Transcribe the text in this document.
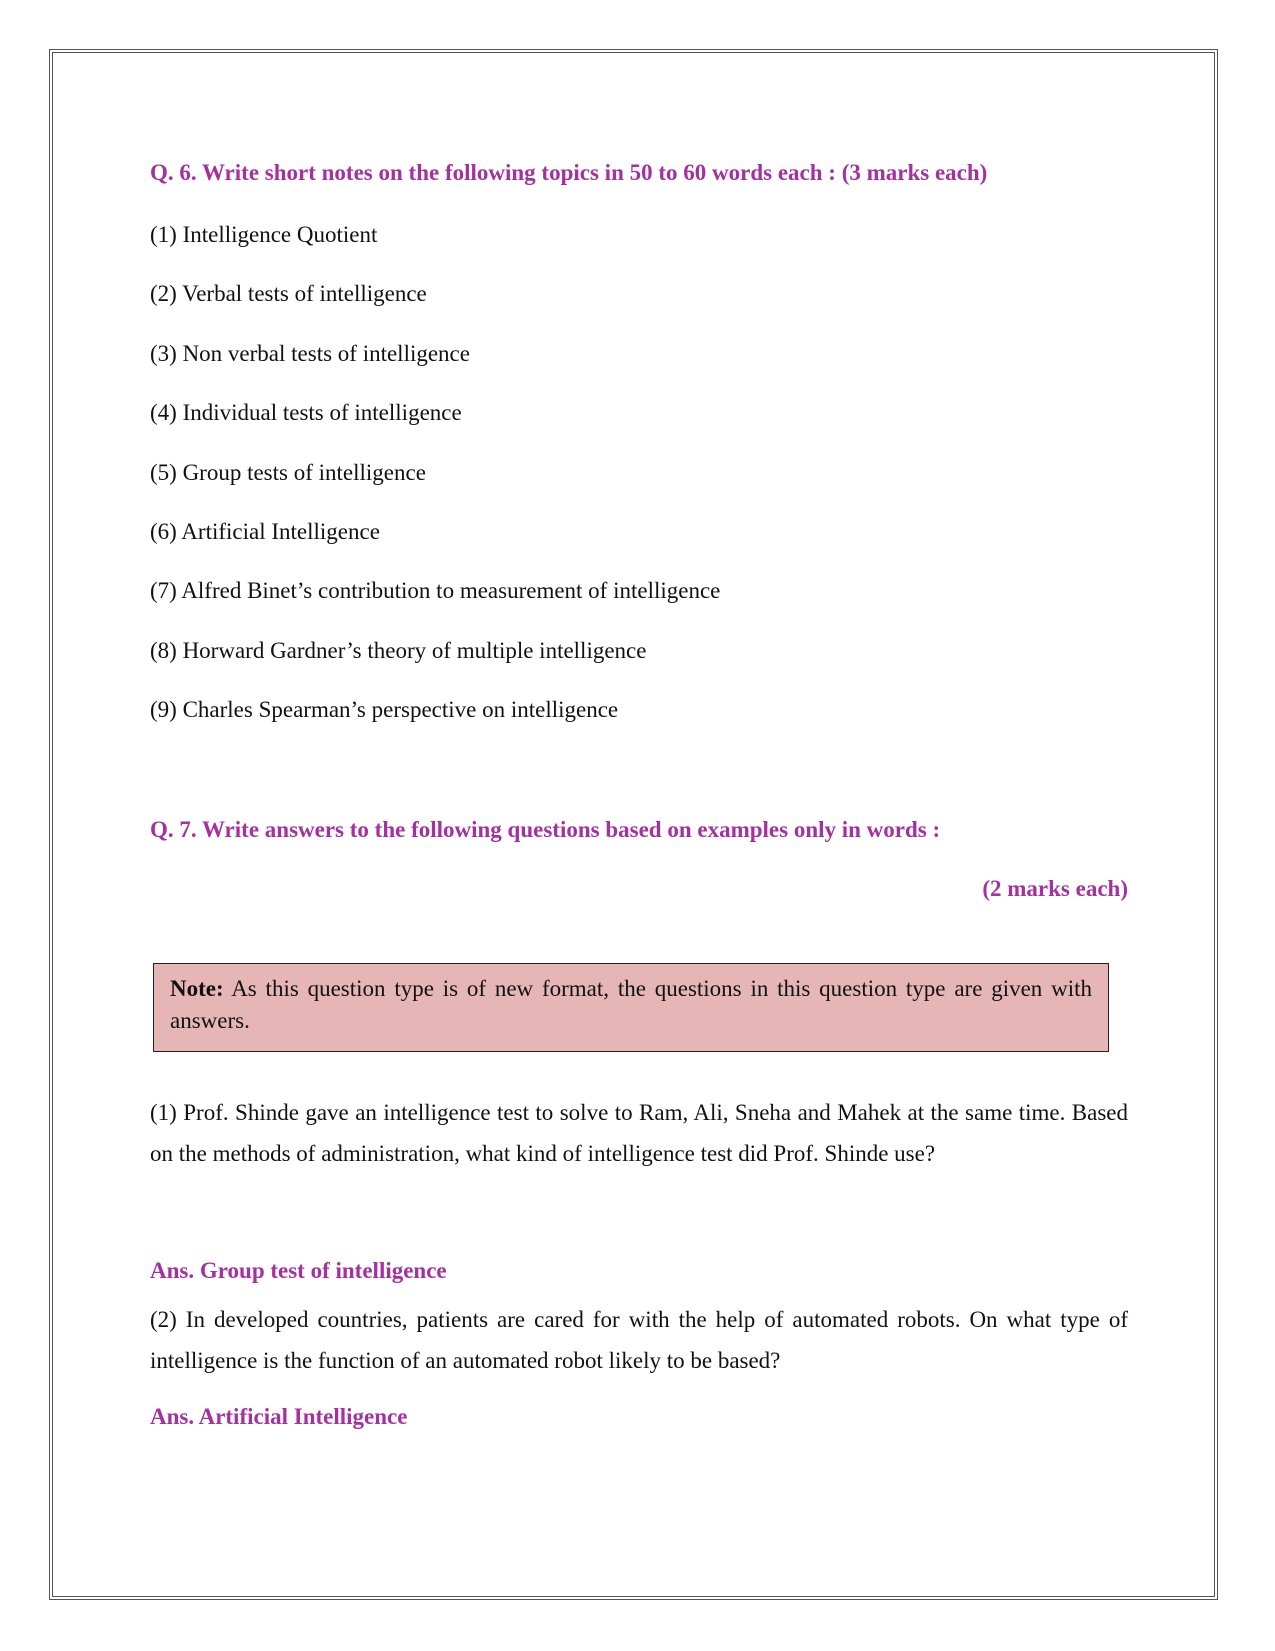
Q. 6. Write short notes on the following topics in 50 to 60 words each : (3 marks each)
(1) Intelligence Quotient
(2) Verbal tests of intelligence
(3) Non verbal tests of intelligence
(4) Individual tests of intelligence
(5) Group tests of intelligence
(6) Artificial Intelligence
(7) Alfred Binet’s contribution to measurement of intelligence
(8) Horward Gardner’s theory of multiple intelligence
(9) Charles Spearman’s perspective on intelligence
Q. 7. Write answers to the following questions based on examples only in words :
(2 marks each)
Note: As this question type is of new format, the questions in this question type are given with answers.
(1) Prof. Shinde gave an intelligence test to solve to Ram, Ali, Sneha and Mahek at the same time. Based on the methods of administration, what kind of intelligence test did Prof. Shinde use?
Ans. Group test of intelligence
(2) In developed countries, patients are cared for with the help of automated robots. On what type of intelligence is the function of an automated robot likely to be based?
Ans. Artificial Intelligence
